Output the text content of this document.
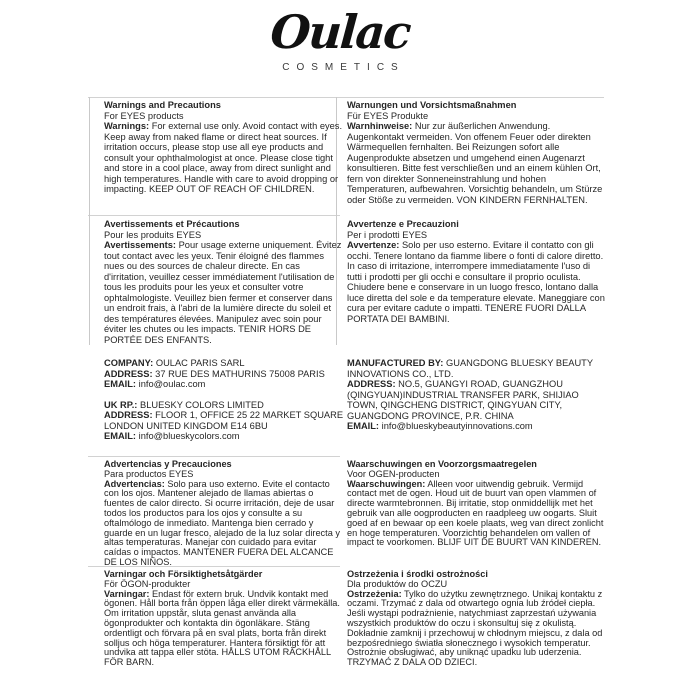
Oulac
COSMETICS

Warnings and Precautions

For EYES products

Warnings: For external use only. Avoid contact with eyes. Keep away from naked flame or direct heat sources. If irritation occurs, please stop use all eye products and consult your ophthalmologist at once. Please close tight and store in a cool place, away from direct sunlight and high temperatures. Handle with care to avoid dropping or impacting. KEEP OUT OF REACH OF CHILDREN.

Warnungen und Vorsichtsmaßnahmen

Für EYES Produkte

Warnhinweise: Nur zur äußerlichen Anwendung. Augenkontakt vermeiden. Von offenem Feuer oder direkten Wärmequellen fernhalten. Bei Reizungen sofort alle Augenprodukte absetzen und umgehend einen Augenarzt konsultieren. Bitte fest verschließen und an einem kühlen Ort, fern von direkter Sonneneinstrahlung und hohen Temperaturen, aufbewahren. Vorsichtig behandeln, um Stürze oder Stöße zu vermeiden. VON KINDERN FERNHALTEN.

Avertissements et Précautions

Pour les produits EYES

Avertissements: Pour usage externe uniquement. Évitez tout contact avec les yeux. Tenir éloigné des flammes nues ou des sources de chaleur directe. En cas d'irritation, veuillez cesser immédiatement l'utilisation de tous les produits pour les yeux et consulter votre ophtalmologiste. Veuillez bien fermer et conserver dans un endroit frais, à l'abri de la lumière directe du soleil et des températures élevées. Manipulez avec soin pour éviter les chutes ou les impacts. TENIR HORS DE PORTÉE DES ENFANTS.

Avvertenze e Precauzioni

Per i prodotti EYES

Avvertenze: Solo per uso esterno. Evitare il contatto con gli occhi. Tenere lontano da fiamme libere o fonti di calore diretto. In caso di irritazione, interrompere immediatamente l'uso di tutti i prodotti per gli occhi e consultare il proprio oculista. Chiudere bene e conservare in un luogo fresco, lontano dalla luce diretta del sole e da temperature elevate. Maneggiare con cura per evitare cadute o impatti. TENERE FUORI DALLA PORTATA DEI BAMBINI.

COMPANY: OULAC PARIS SARL

ADDRESS: 37 RUE DES MATHURINS 75008 PARIS

EMAIL: info@oulac.com

UK RP.: BLUESKY COLORS LIMITED

ADDRESS: FLOOR 1, OFFICE 25 22 MARKET SQUARE LONDON UNITED KINGDOM E14 6BU

EMAIL: info@blueskycolors.com

MANUFACTURED BY: GUANGDONG BLUESKY BEAUTY INNOVATIONS CO., LTD.

ADDRESS: NO.5, GUANGYI ROAD, GUANGZHOU (QINGYUAN)INDUSTRIAL TRANSFER PARK, SHIJIAO TOWN, QINGCHENG DISTRICT, QINGYUAN CITY, GUANGDONG PROVINCE, P.R. CHINA

EMAIL: info@blueskybeautyinnovations.com

Advertencias y Precauciones

Para productos EYES

Advertencias: Solo para uso externo. Evite el contacto con los ojos. Mantener alejado de llamas abiertas o fuentes de calor directo. Si ocurre irritación, deje de usar todos los productos para los ojos y consulte a su oftalmólogo de inmediato. Mantenga bien cerrado y guarde en un lugar fresco, alejado de la luz solar directa y altas temperaturas. Manejar con cuidado para evitar caídas o impactos. MANTENER FUERA DEL ALCANCE DE LOS NIÑOS.

Waarschuwingen en Voorzorgsmaatregelen

Voor OGEN-producten

Waarschuwingen: Alleen voor uitwendig gebruik. Vermijd contact met de ogen. Houd uit de buurt van open vlammen of directe warmtebronnen. Bij irritatie, stop onmiddellijk met het gebruik van alle oogproducten en raadpleeg uw oogarts. Sluit goed af en bewaar op een koele plaats, weg van direct zonlicht en hoge temperaturen. Voorzichtig behandelen om vallen of impact te voorkomen. BLIJF UIT DE BUURT VAN KINDEREN.

Varningar och Försiktighetsåtgärder

För ÖGON-produkter

Varningar: Endast för extern bruk. Undvik kontakt med ögonen. Håll borta från öppen låga eller direkt värmekälla. Om irritation uppstår, sluta genast använda alla ögonprodukter och kontakta din ögonläkare. Stäng ordentligt och förvara på en sval plats, borta från direkt solljus och höga temperaturer. Hantera försiktigt för att undvika att tappa eller stöta. HÅLLS UTOM RÄCKHÅLL FÖR BARN.

Ostrzeżenia i środki ostrożności

Dla produktów do OCZU

Ostrzeżenia: Tylko do użytku zewnętrznego. Unikaj kontaktu z oczami. Trzymać z dala od otwartego ognia lub źródeł ciepła. Jeśli wystąpi podrażnienie, natychmiast zaprzestań używania wszystkich produktów do oczu i skonsultuj się z okulistą. Dokładnie zamknij i przechowuj w chłodnym miejscu, z dala od bezpośredniego światła słonecznego i wysokich temperatur. Ostrożnie obsługiwać, aby uniknąć upadku lub uderzenia. TRZYMAĆ Z DALA OD DZIECI.
